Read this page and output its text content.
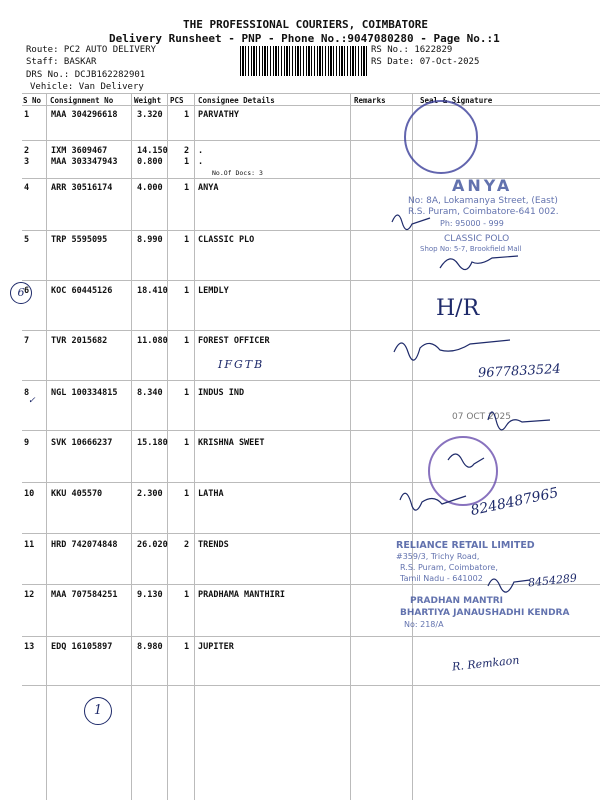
THE PROFESSIONAL COURIERS, COIMBATORE
Delivery Runsheet - PNP - Phone No.:9047080280 - Page No.:1
Route: PC2 AUTO DELIVERY
Staff: BASKAR
DRS No.: DCJB162282901
Vehicle: Van Delivery
RS No.: 1622829
RS Date: 07-Oct-2025
S No Consignment No	Weight PCS Consignee Details	Remarks	Seal & Signature
1	MAA 304296618 3.320	1 PARVATHY
2	IXM 3609467	14.150 2 .
3	MAA 303347943 0.800	1 .
No.Of Docs: 3
4	ARR 30516174	4.000	1 ANYA
5	TRP 5595095	8.990	1 CLASSIC PLO
6	KOC 60445126	18.410 1 LEMDLY
7	TVR 2015682	11.080 1 FOREST OFFICER
8	NGL 100334815 8.340	1 INDUS IND
9	SVK 10666237	15.180 1 KRISHNA SWEET
10 KKU 405570	2.300	1 LATHA
11 HRD 742074848 26.020 2 TRENDS
12 MAA 707584251 9.130	1 PRADHAMA MANTHIRI
13 EDQ 16105897	8.980	1 JUPITER
IFGTB
H/R
9677833524
✓
8248487965
8454289
R. Remkaon
6
1
ANYA
No: 8A, Lokamanya Street, (East)
R.S. Puram, Coimbatore-641 002.
Ph: 95000 - 999
CLASSIC POLO
Shop No: 5-7, Brookfield Mall
07 OCT 2025
RELIANCE RETAIL LIMITED
#359/3, Trichy Road,
R.S. Puram, Coimbatore,
Tamil Nadu - 641002
PRADHAN MANTRI
BHARTIYA JANAUSHADHI KENDRA
No: 218/A
